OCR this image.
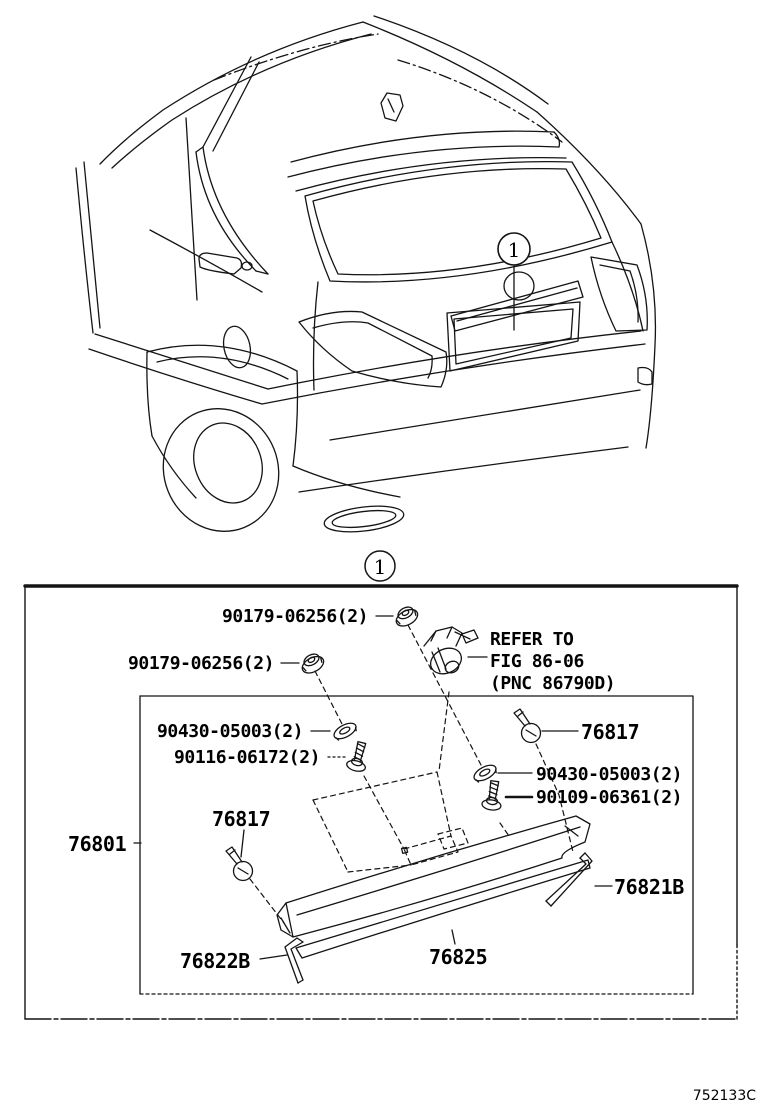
1
1
90179-06256(2)
90179-06256(2)
REFER TO
FIG 86-06
(PNC 86790D)
90430-05003(2)
90116-06172(2)
76817
90430-05003(2)
90109-06361(2)
76801
76817
76821B
76822B	76825
752133C
